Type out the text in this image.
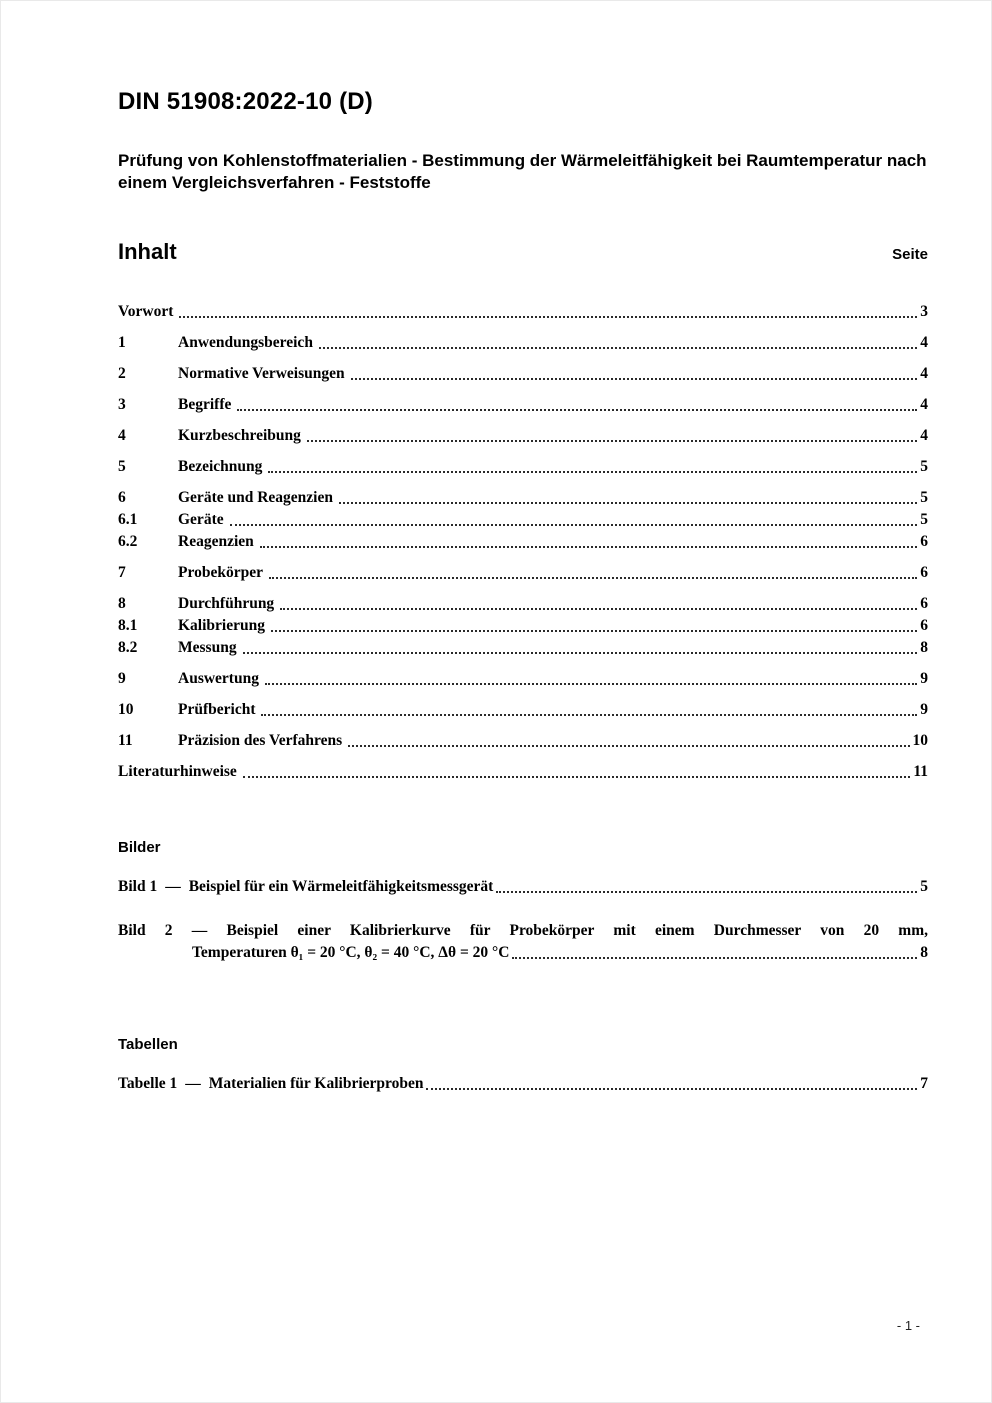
DIN 51908:2022-10 (D)
Prüfung von Kohlenstoffmaterialien - Bestimmung der Wärmeleitfähigkeit bei Raumtemperatur nach einem Vergleichsverfahren - Feststoffe
Inhalt	Seite
Vorwort	3
1	Anwendungsbereich	4
2	Normative Verweisungen	4
3	Begriffe	4
4	Kurzbeschreibung	4
5	Bezeichnung	5
6	Geräte und Reagenzien	5
6.1	Geräte	5
6.2	Reagenzien	6
7	Probekörper	6
8	Durchführung	6
8.1	Kalibrierung	6
8.2	Messung	8
9	Auswertung	9
10	Prüfbericht	9
11	Präzision des Verfahrens	10
Literaturhinweise	11
Bilder
Bild 1 — Beispiel für ein Wärmeleitfähigkeitsmessgerät	5
Bild 2 — Beispiel einer Kalibrierkurve für Probekörper mit einem Durchmesser von 20 mm,
Temperaturen θ₁ = 20 °C, θ₂ = 40 °C, Δθ = 20 °C	8
Tabellen
Tabelle 1 — Materialien für Kalibrierproben	7
- 1 -
